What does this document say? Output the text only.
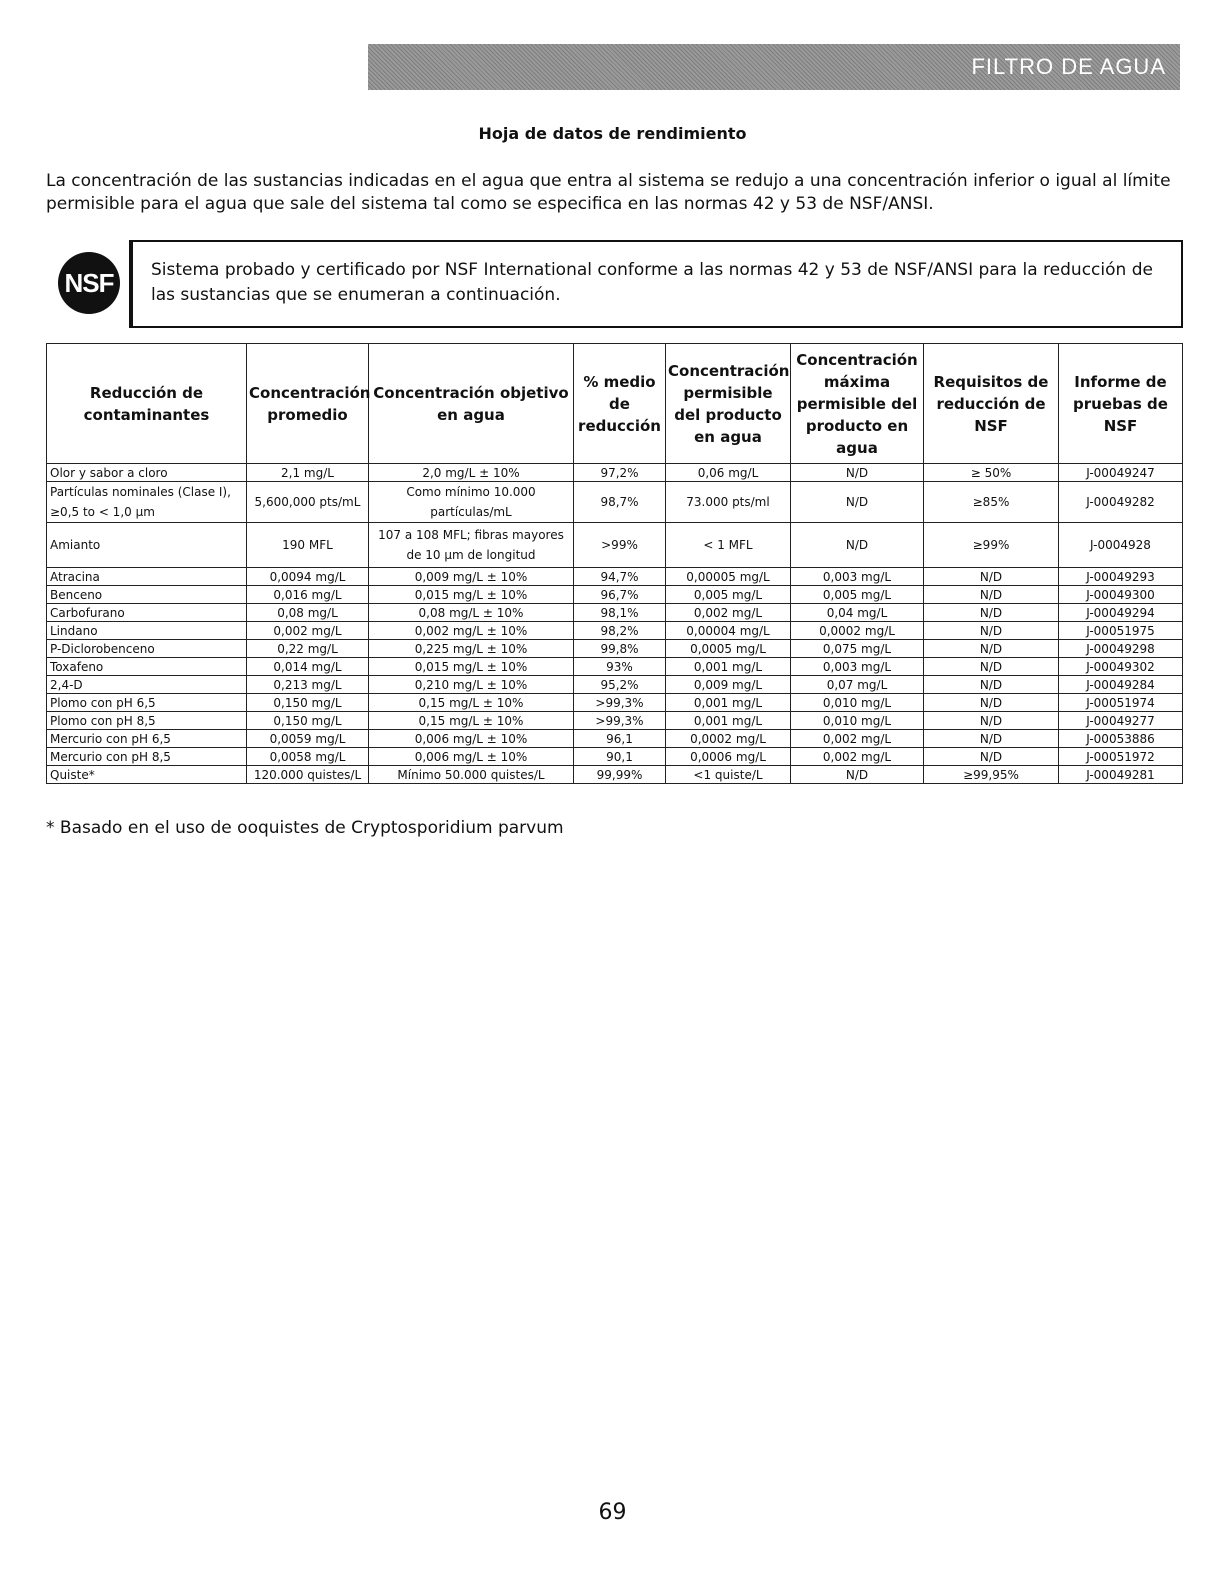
FILTRO DE AGUA
Hoja de datos de rendimiento
La concentración de las sustancias indicadas en el agua que entra al sistema se redujo a una concentración inferior o igual al límite permisible para el agua que sale del sistema tal como se especifica en las normas 42 y 53 de NSF/ANSI.
NSF	Sistema probado y certificado por NSF International conforme a las normas 42 y 53 de NSF/ANSI para la reducción de las sustancias que se enumeran a continuación.
Reducción de contaminantes	Concentración promedio	Concentración objetivo en agua	% medio de reducción	Concentración permisible del producto en agua	Concentración máxima permisible del producto en agua	Requisitos de reducción de NSF	Informe de pruebas de NSF
Olor y sabor a cloro	2,1 mg/L	2,0 mg/L ± 10%	97,2%	0,06 mg/L	N/D	≥ 50%	J-00049247
Partículas nominales (Clase I), ≥0,5 to < 1,0 µm	5,600,000 pts/mL	Como mínimo 10.000 partículas/mL	98,7%	73.000 pts/ml	N/D	≥85%	J-00049282
Amianto	190 MFL	107 a 108 MFL; fibras mayores de 10 µm de longitud	>99%	< 1 MFL	N/D	≥99%	J-0004928
Atracina	0,0094 mg/L	0,009 mg/L ± 10%	94,7%	0,00005 mg/L	0,003 mg/L	N/D	J-00049293
Benceno	0,016 mg/L	0,015 mg/L ± 10%	96,7%	0,005 mg/L	0,005 mg/L	N/D	J-00049300
Carbofurano	0,08 mg/L	0,08 mg/L ± 10%	98,1%	0,002 mg/L	0,04 mg/L	N/D	J-00049294
Lindano	0,002 mg/L	0,002 mg/L ± 10%	98,2%	0,00004 mg/L	0,0002 mg/L	N/D	J-00051975
P-Diclorobenceno	0,22 mg/L	0,225 mg/L ± 10%	99,8%	0,0005 mg/L	0,075 mg/L	N/D	J-00049298
Toxafeno	0,014 mg/L	0,015 mg/L ± 10%	93%	0,001 mg/L	0,003 mg/L	N/D	J-00049302
2,4-D	0,213 mg/L	0,210 mg/L ± 10%	95,2%	0,009 mg/L	0,07 mg/L	N/D	J-00049284
Plomo con pH 6,5	0,150 mg/L	0,15 mg/L ± 10%	>99,3%	0,001 mg/L	0,010 mg/L	N/D	J-00051974
Plomo con pH 8,5	0,150 mg/L	0,15 mg/L ± 10%	>99,3%	0,001 mg/L	0,010 mg/L	N/D	J-00049277
Mercurio con pH 6,5	0,0059 mg/L	0,006 mg/L ± 10%	96,1	0,0002 mg/L	0,002 mg/L	N/D	J-00053886
Mercurio con pH 8,5	0,0058 mg/L	0,006 mg/L ± 10%	90,1	0,0006 mg/L	0,002 mg/L	N/D	J-00051972
Quiste*	120.000 quistes/L	Mínimo 50.000 quistes/L	99,99%	<1 quiste/L	N/D	≥99,95%	J-00049281
* Basado en el uso de ooquistes de Cryptosporidium parvum
69
